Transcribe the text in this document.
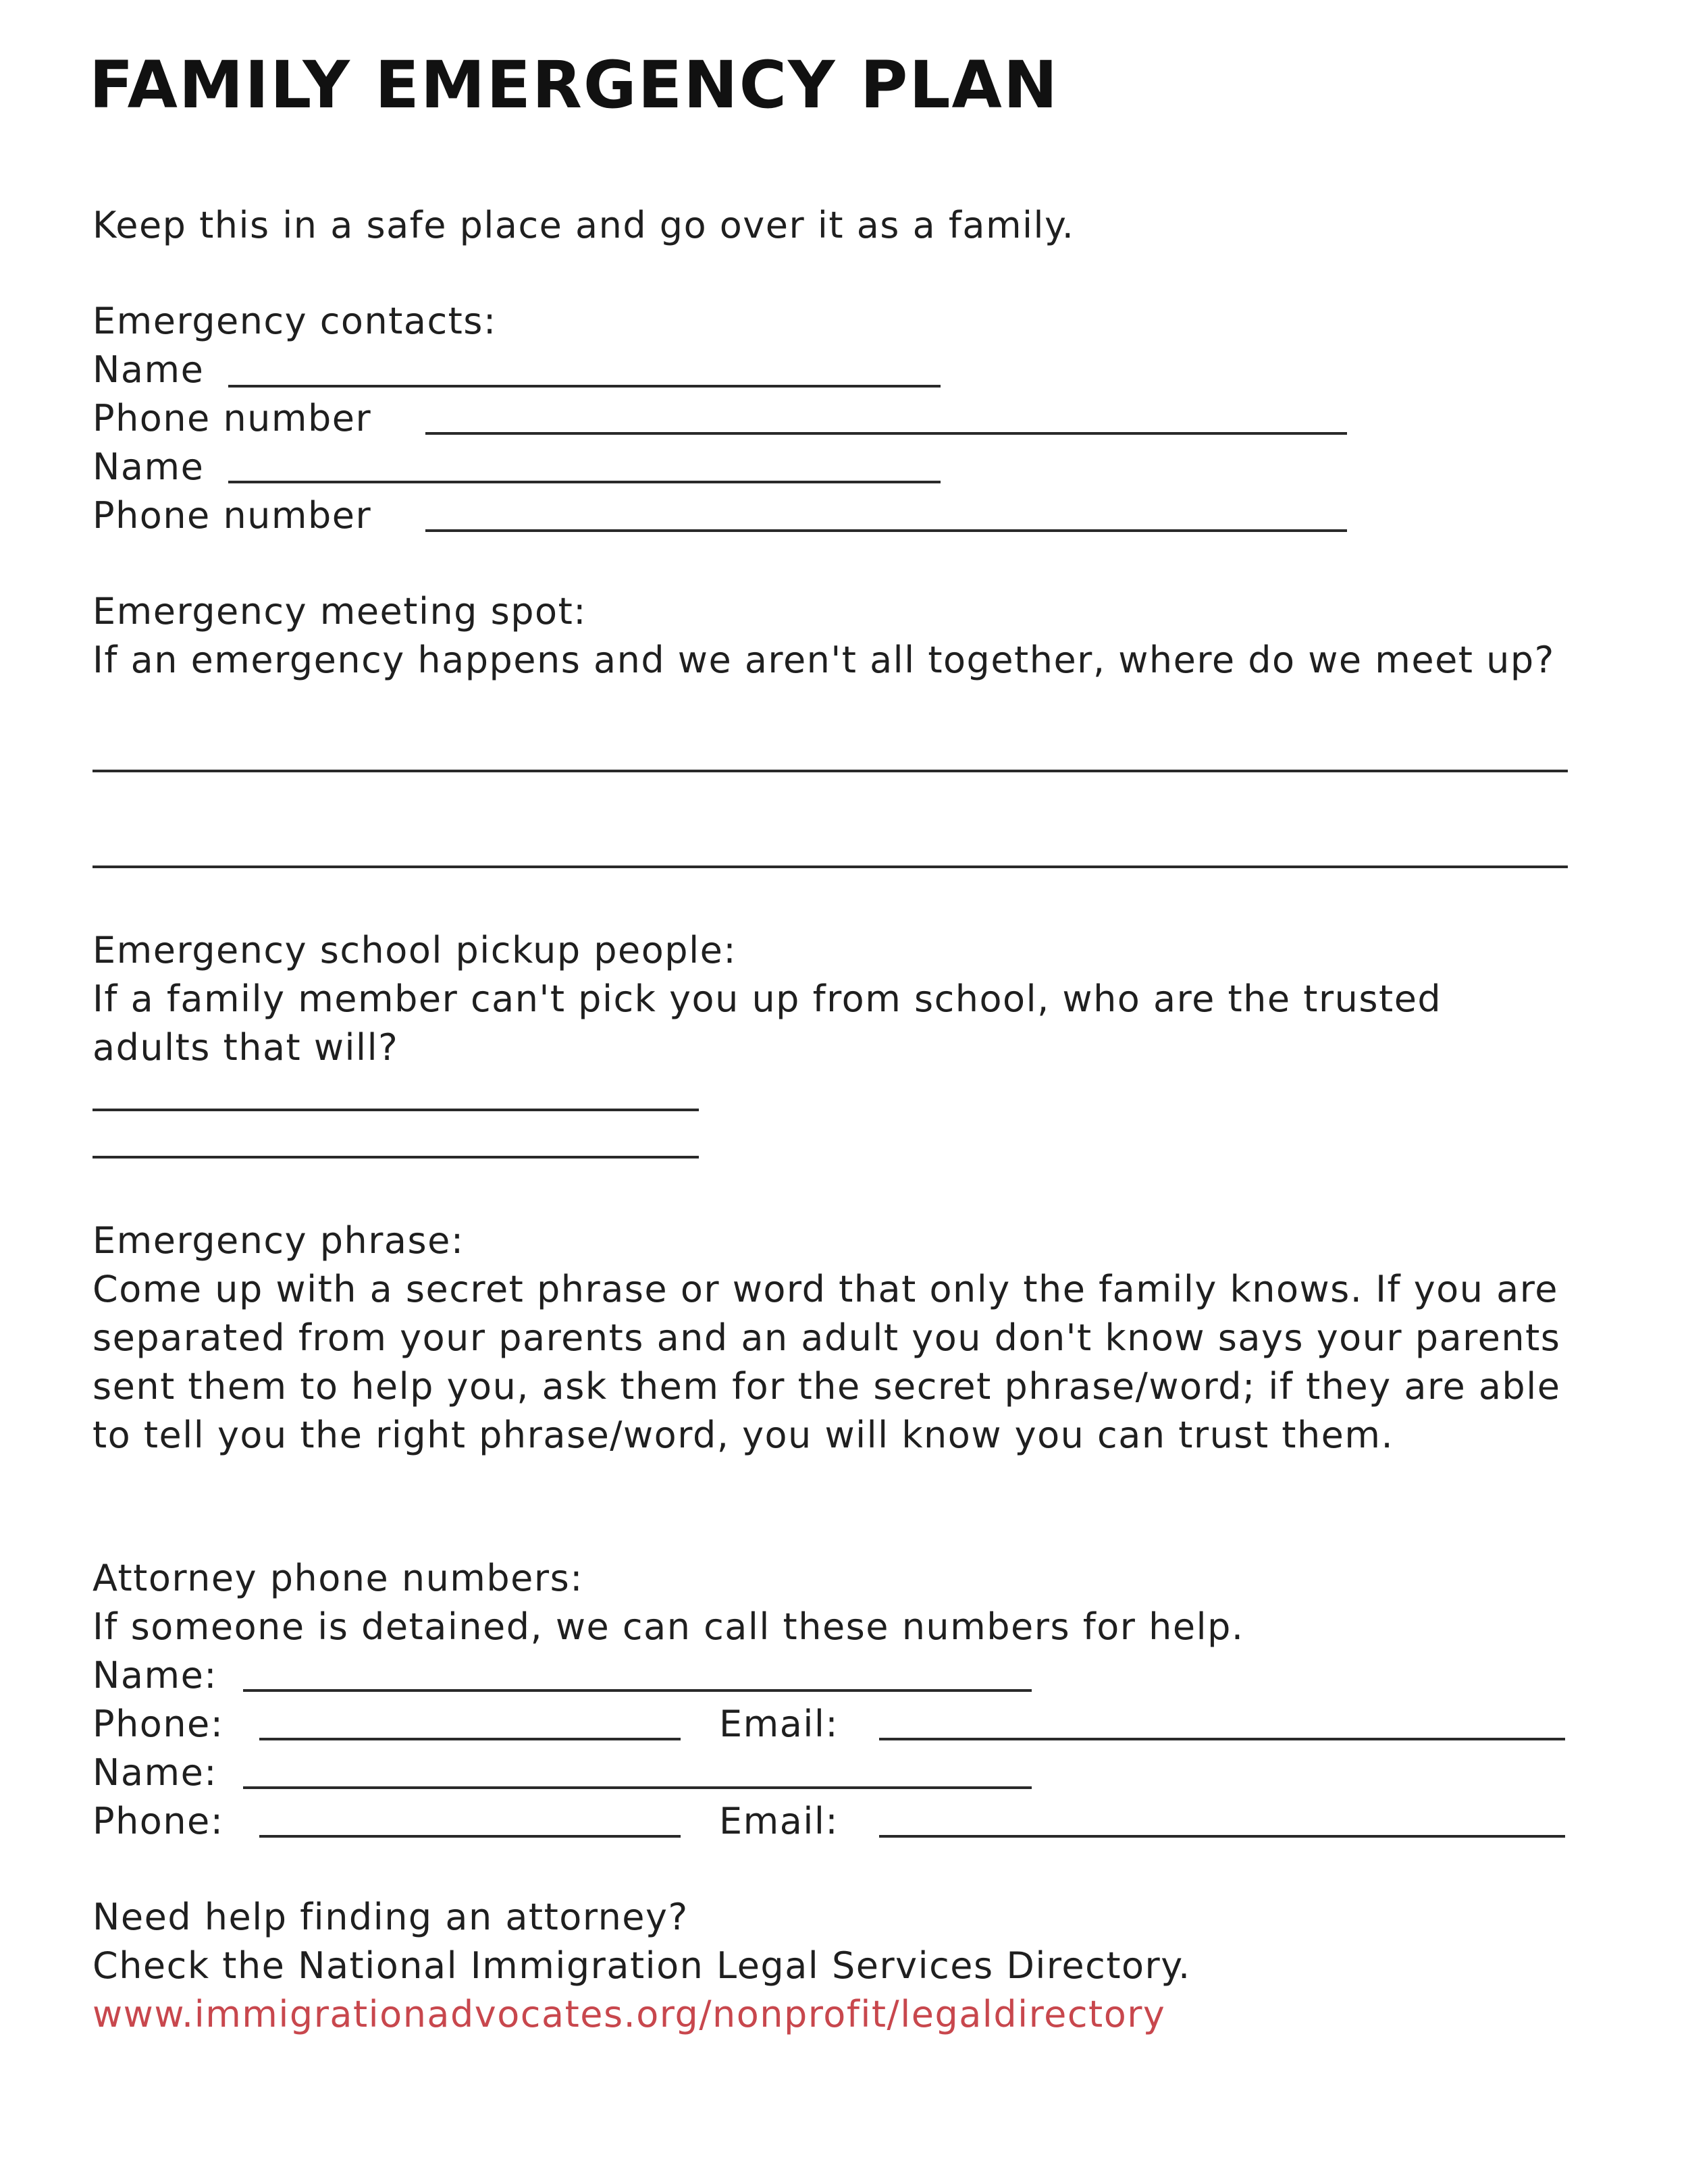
FAMILY EMERGENCY PLAN

Keep this in a safe place and go over it as a family.

Emergency contacts:

Name

Phone number

Name

Phone number

Emergency meeting spot:

If an emergency happens and we aren't all together, where do we meet up?

Emergency school pickup people:

If a family member can't pick you up from school, who are the trusted adults that will?

Emergency phrase:

Come up with a secret phrase or word that only the family knows. If you are separated from your parents and an adult you don't know says your parents sent them to help you, ask them for the secret phrase/word; if they are able to tell you the right phrase/word, you will know you can trust them.

Attorney phone numbers:

If someone is detained, we can call these numbers for help.

Name:

Phone:	Email:

Name:

Phone:	Email:

Need help finding an attorney?

Check the National Immigration Legal Services Directory.

www.immigrationadvocates.org/nonprofit/legaldirectory
